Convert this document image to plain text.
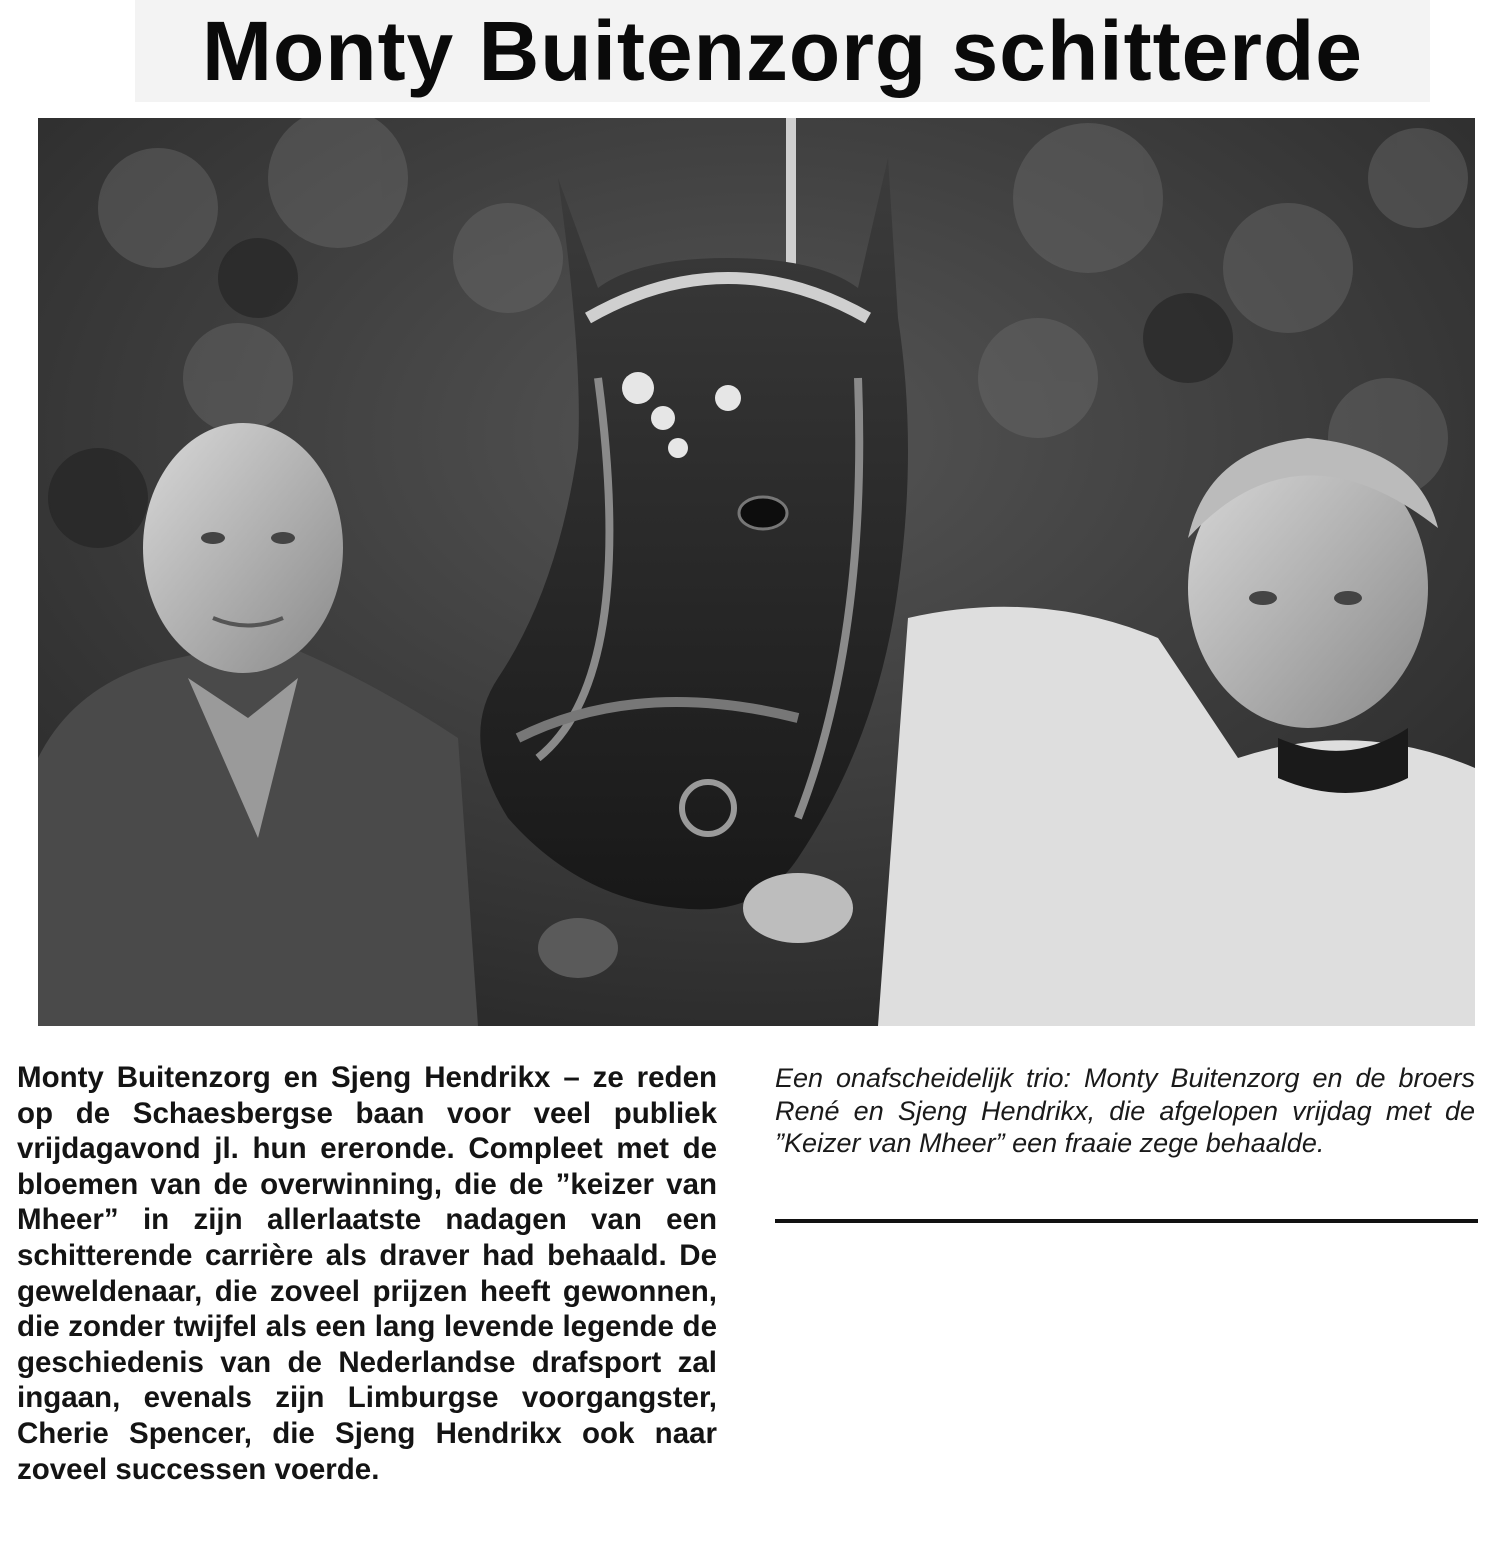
Monty Buitenzorg schitterde

Monty Buitenzorg en Sjeng Hendrikx – ze reden op de Schaesbergse baan voor veel publiek vrijdagavond jl. hun ereronde. Compleet met de bloemen van de overwinning, die de ”keizer van Mheer” in zijn allerlaatste nadagen van een schitterende carrière als draver had behaald. De geweldenaar, die zoveel prijzen heeft gewonnen, die zonder twijfel als een lang levende legende de geschiedenis van de Nederlandse drafsport zal ingaan, evenals zijn Limburgse voorgangster, Cherie Spencer, die Sjeng Hendrikx ook naar zoveel successen voerde.

Een onafscheidelijk trio: Monty Buitenzorg en de broers René en Sjeng Hendrikx, die afgelopen vrijdag met de ”Keizer van Mheer” een fraaie zege behaalde.
